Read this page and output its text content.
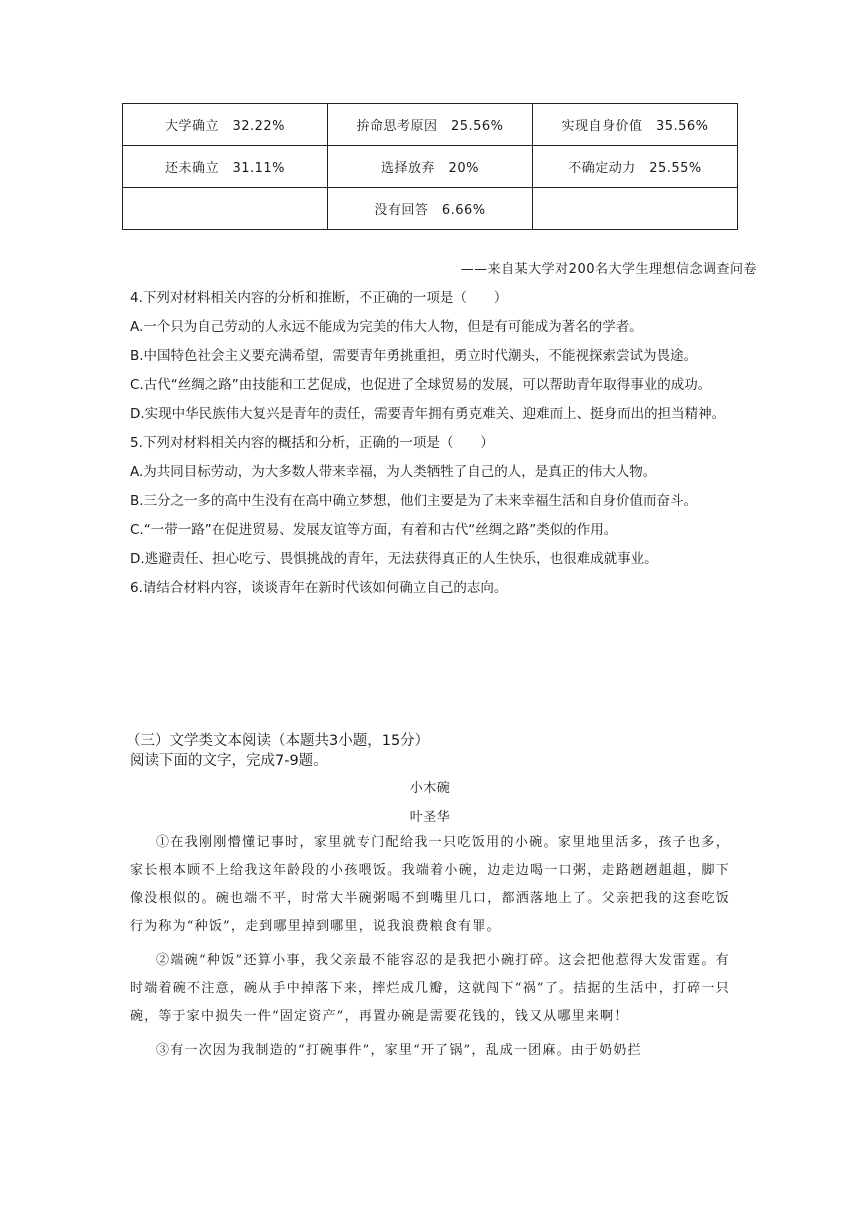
大学确立　32.22%	拚命思考原因　25.56%	实现自身价值　35.56%
还未确立　31.11%	选择放弃　20%	不确定动力　25.55%
	没有回答　6.66%	
——来自某大学对200名大学生理想信念调查问卷

4.下列对材料相关内容的分析和推断，不正确的一项是（　　）

A.一个只为自己劳动的人永远不能成为完美的伟大人物，但是有可能成为著名的学者。

B.中国特色社会主义要充满希望，需要青年勇挑重担，勇立时代潮头，不能视探索尝试为畏途。

C.古代“丝绸之路”由技能和工艺促成，也促进了全球贸易的发展，可以帮助青年取得事业的成功。

D.实现中华民族伟大复兴是青年的责任，需要青年拥有勇克难关、迎难而上、挺身而出的担当精神。

5.下列对材料相关内容的概括和分析，正确的一项是（　　）

A.为共同目标劳动，为大多数人带来幸福，为人类牺牲了自己的人，是真正的伟大人物。

B.三分之一多的高中生没有在高中确立梦想，他们主要是为了未来幸福生活和自身价值而奋斗。

C.“一带一路”在促进贸易、发展友谊等方面，有着和古代“丝绸之路”类似的作用。

D.逃避责任、担心吃亏、畏惧挑战的青年，无法获得真正的人生快乐，也很难成就事业。

6.请结合材料内容，谈谈青年在新时代该如何确立自己的志向。

（三）文学类文本阅读（本题共3小题，15分）
阅读下面的文字，完成7-9题。
小木碗
叶圣华

①在我刚刚懵懂记事时，家里就专门配给我一只吃饭用的小碗。家里地里活多，孩子也多，家长根本顾不上给我这年龄段的小孩喂饭。我端着小碗，边走边喝一口粥，走路趔趔趄趄，脚下像没根似的。碗也端不平，时常大半碗粥喝不到嘴里几口，都洒落地上了。父亲把我的这套吃饭行为称为“种饭”，走到哪里掉到哪里，说我浪费粮食有罪。

②端碗“种饭”还算小事，我父亲最不能容忍的是我把小碗打碎。这会把他惹得大发雷霆。有时端着碗不注意，碗从手中掉落下来，摔烂成几瓣，这就闯下“祸”了。拮据的生活中，打碎一只碗，等于家中损失一件“固定资产”，再置办碗是需要花钱的，钱又从哪里来啊！

③有一次因为我制造的“打碗事件”，家里“开了锅”，乱成一团麻。由于奶奶拦
